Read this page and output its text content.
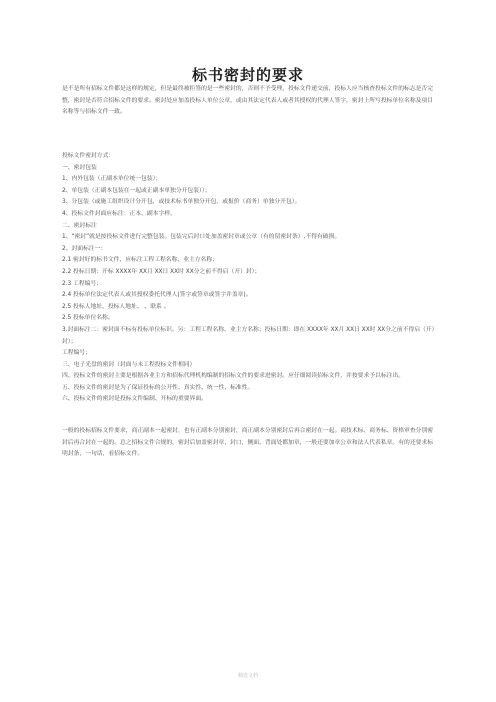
·
标书密封的要求

是不是所有招标文件都是这样的规定，但是最终被拒签的是一些密封的，否则不予受理，投标文件递交前，投标人应当核查投标文件的标志是否完整，密封是否符合招标文件的要求。密封处应加盖投标人单位公章，或由其法定代表人或者其授权的代理人签字，密封上所写投标单位名称及项目名称等与招标文件一致。

投标文件密封方式：

一、密封包装

1、内外包装（正副本单位统一包装）；

2、单包装（正副本包装在一起或正副本单独分开包装））；

3、分包装（或施工组织设计分开包，或技术标书单独分开包，或报价（商务）单独分开包）。

4、投标文件封面应标注：正本、副本字样。

二、密封标注

1、“密封”就是按投标文件进行完整包装。包装完后封口处加盖密封章或公章（有的留密封条）,不得有破损。

2、封面标注一：

2.1 密封好的标书文件，应标注工程工程名称、业主方名称；

2.2 投标日期：开标 XXXX年 XX月 XX日 XX时 XX分之前不得启（开）封）；

2.3 工程编号；

2.4 投标单位法定代表人或其授权委托代理人(签字或签章或签字并盖章)。

2.5 投标人地址、投标人地址、 、联系 。

2.5 投标单位名称。

3.封面标注二：密封面不标有投标单位标识。另：工程工程名称、业主方名称；投标日期：即在 XXXX年 XX月 XX日 XX时 XX分之前不得启（开）封）；

工程编号；

三、电子光盘的密封（封面与未工程投标文件相同）

四、投标文件的密封主要是根据各业主方和招标代理机构编制的招标文件的要求进密封。应仔细阅读招标文件，并按要求予以标注出。

五、投标文件的密封是为了保证投标的公开性、真实性、统一性、标准性。

六、投标文件的密封是投标文件编制、开标的重要界面。

一般的投标招标文件要求，商正副本一起密封，也有正副本分别密封，商正副本分别密封后再合密封在一起。商技术标、商务标、资格审查分别密封后再合封在一起的。总之招标文件合规的，密封后加盖密封章，封口，侧面、背面处都加章，一般还要加章公章和法人代表私章。有的还要求标明封条，一句话，看招标文件。

精选文档
